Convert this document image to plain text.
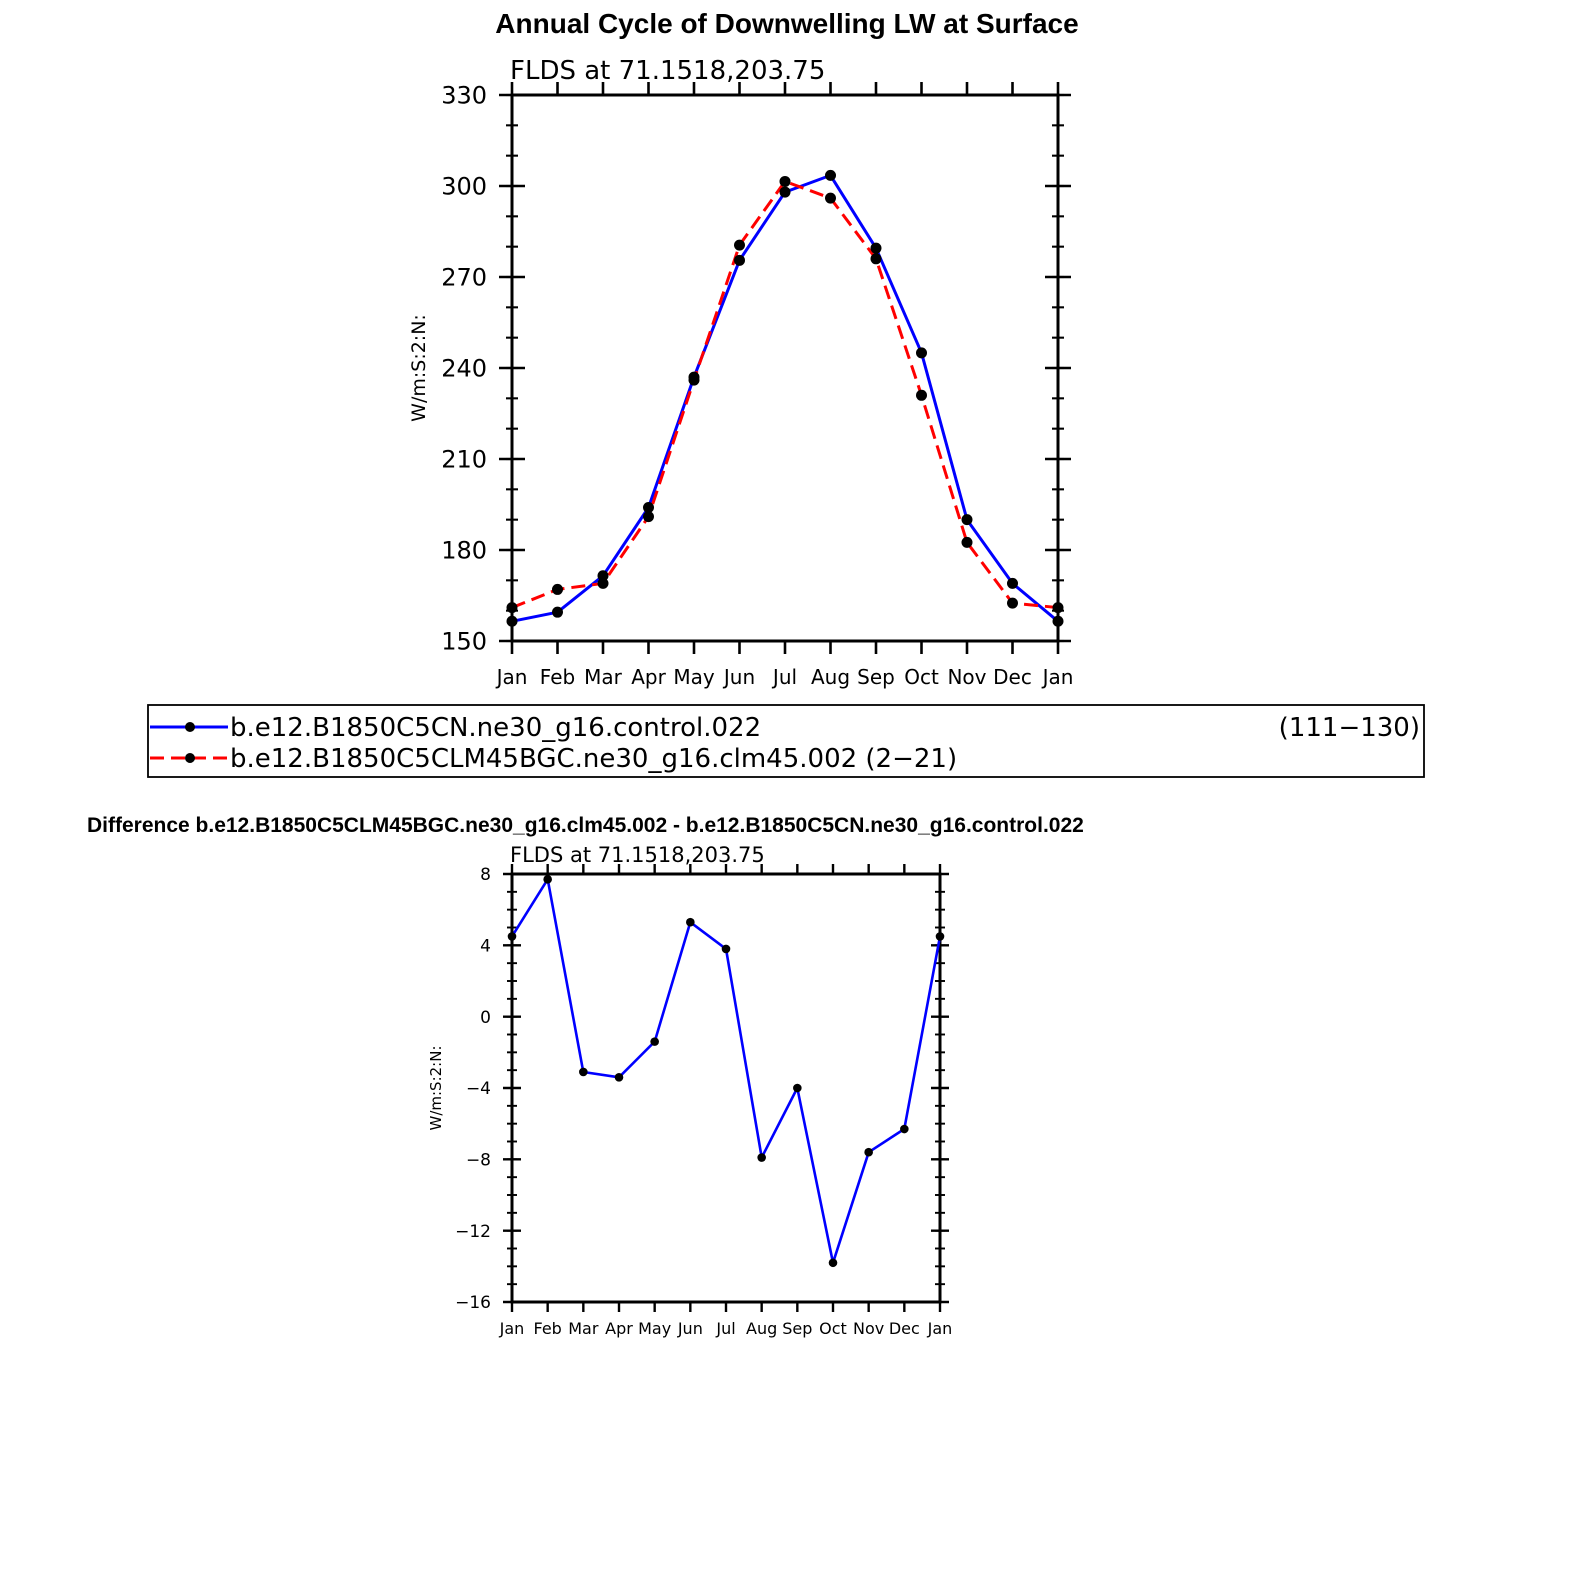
Annual Cycle of Downwelling LW at Surface
Jan Feb Mar Apr May Jun Jul Aug Sep Oct Nov Dec Jan
150
180
210
240
270
300
330
FLDS at 71.1518,203.75
W/m:S:2:N:
b.e12.B1850C5CN.ne30_g16.control.022	(111−130)
b.e12.B1850C5CLM45BGC.ne30_g16.clm45.002 (2−21)
Difference b.e12.B1850C5CLM45BGC.ne30_g16.clm45.002 - b.e12.B1850C5CN.ne30_g16.control.022
Jan Feb Mar Apr May Jun Jul Aug Sep Oct Nov Dec Jan
−16
−12
−8
−4
0
4
8
FLDS at 71.1518,203.75
W/m:S:2:N:
